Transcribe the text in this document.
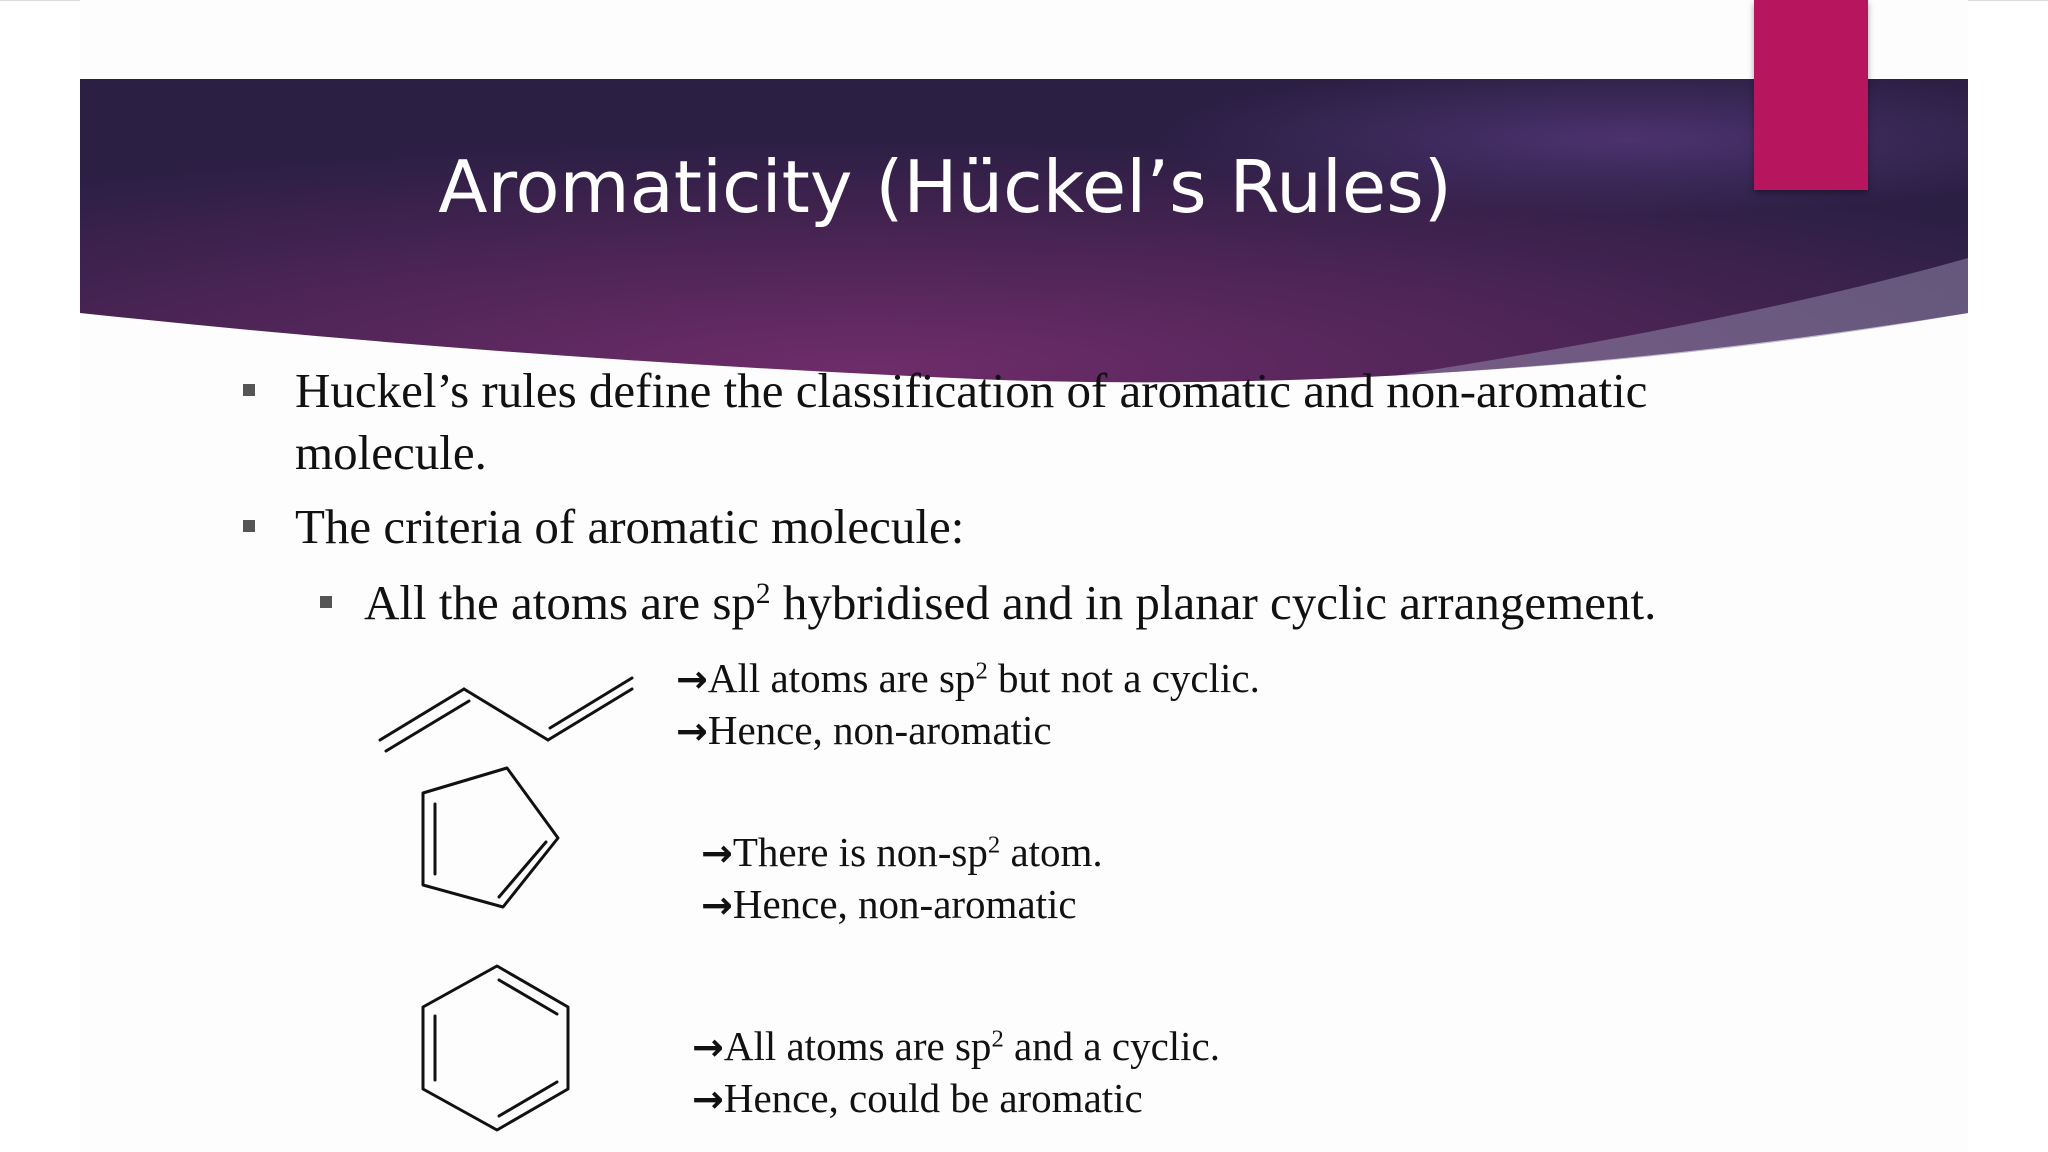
Aromaticity (Hückel’s Rules)
Huckel’s rules define the classification of aromatic and non-aromatic molecule.
The criteria of aromatic molecule:
All the atoms are $sp^2$ hybridised and in planar cyclic arrangement.
→All atoms are $sp^2$ but not a cyclic.
→Hence, non-aromatic
→There is non-$sp^2$ atom.
→Hence, non-aromatic
→All atoms are $sp^2$ and a cyclic.
→Hence, could be aromatic
